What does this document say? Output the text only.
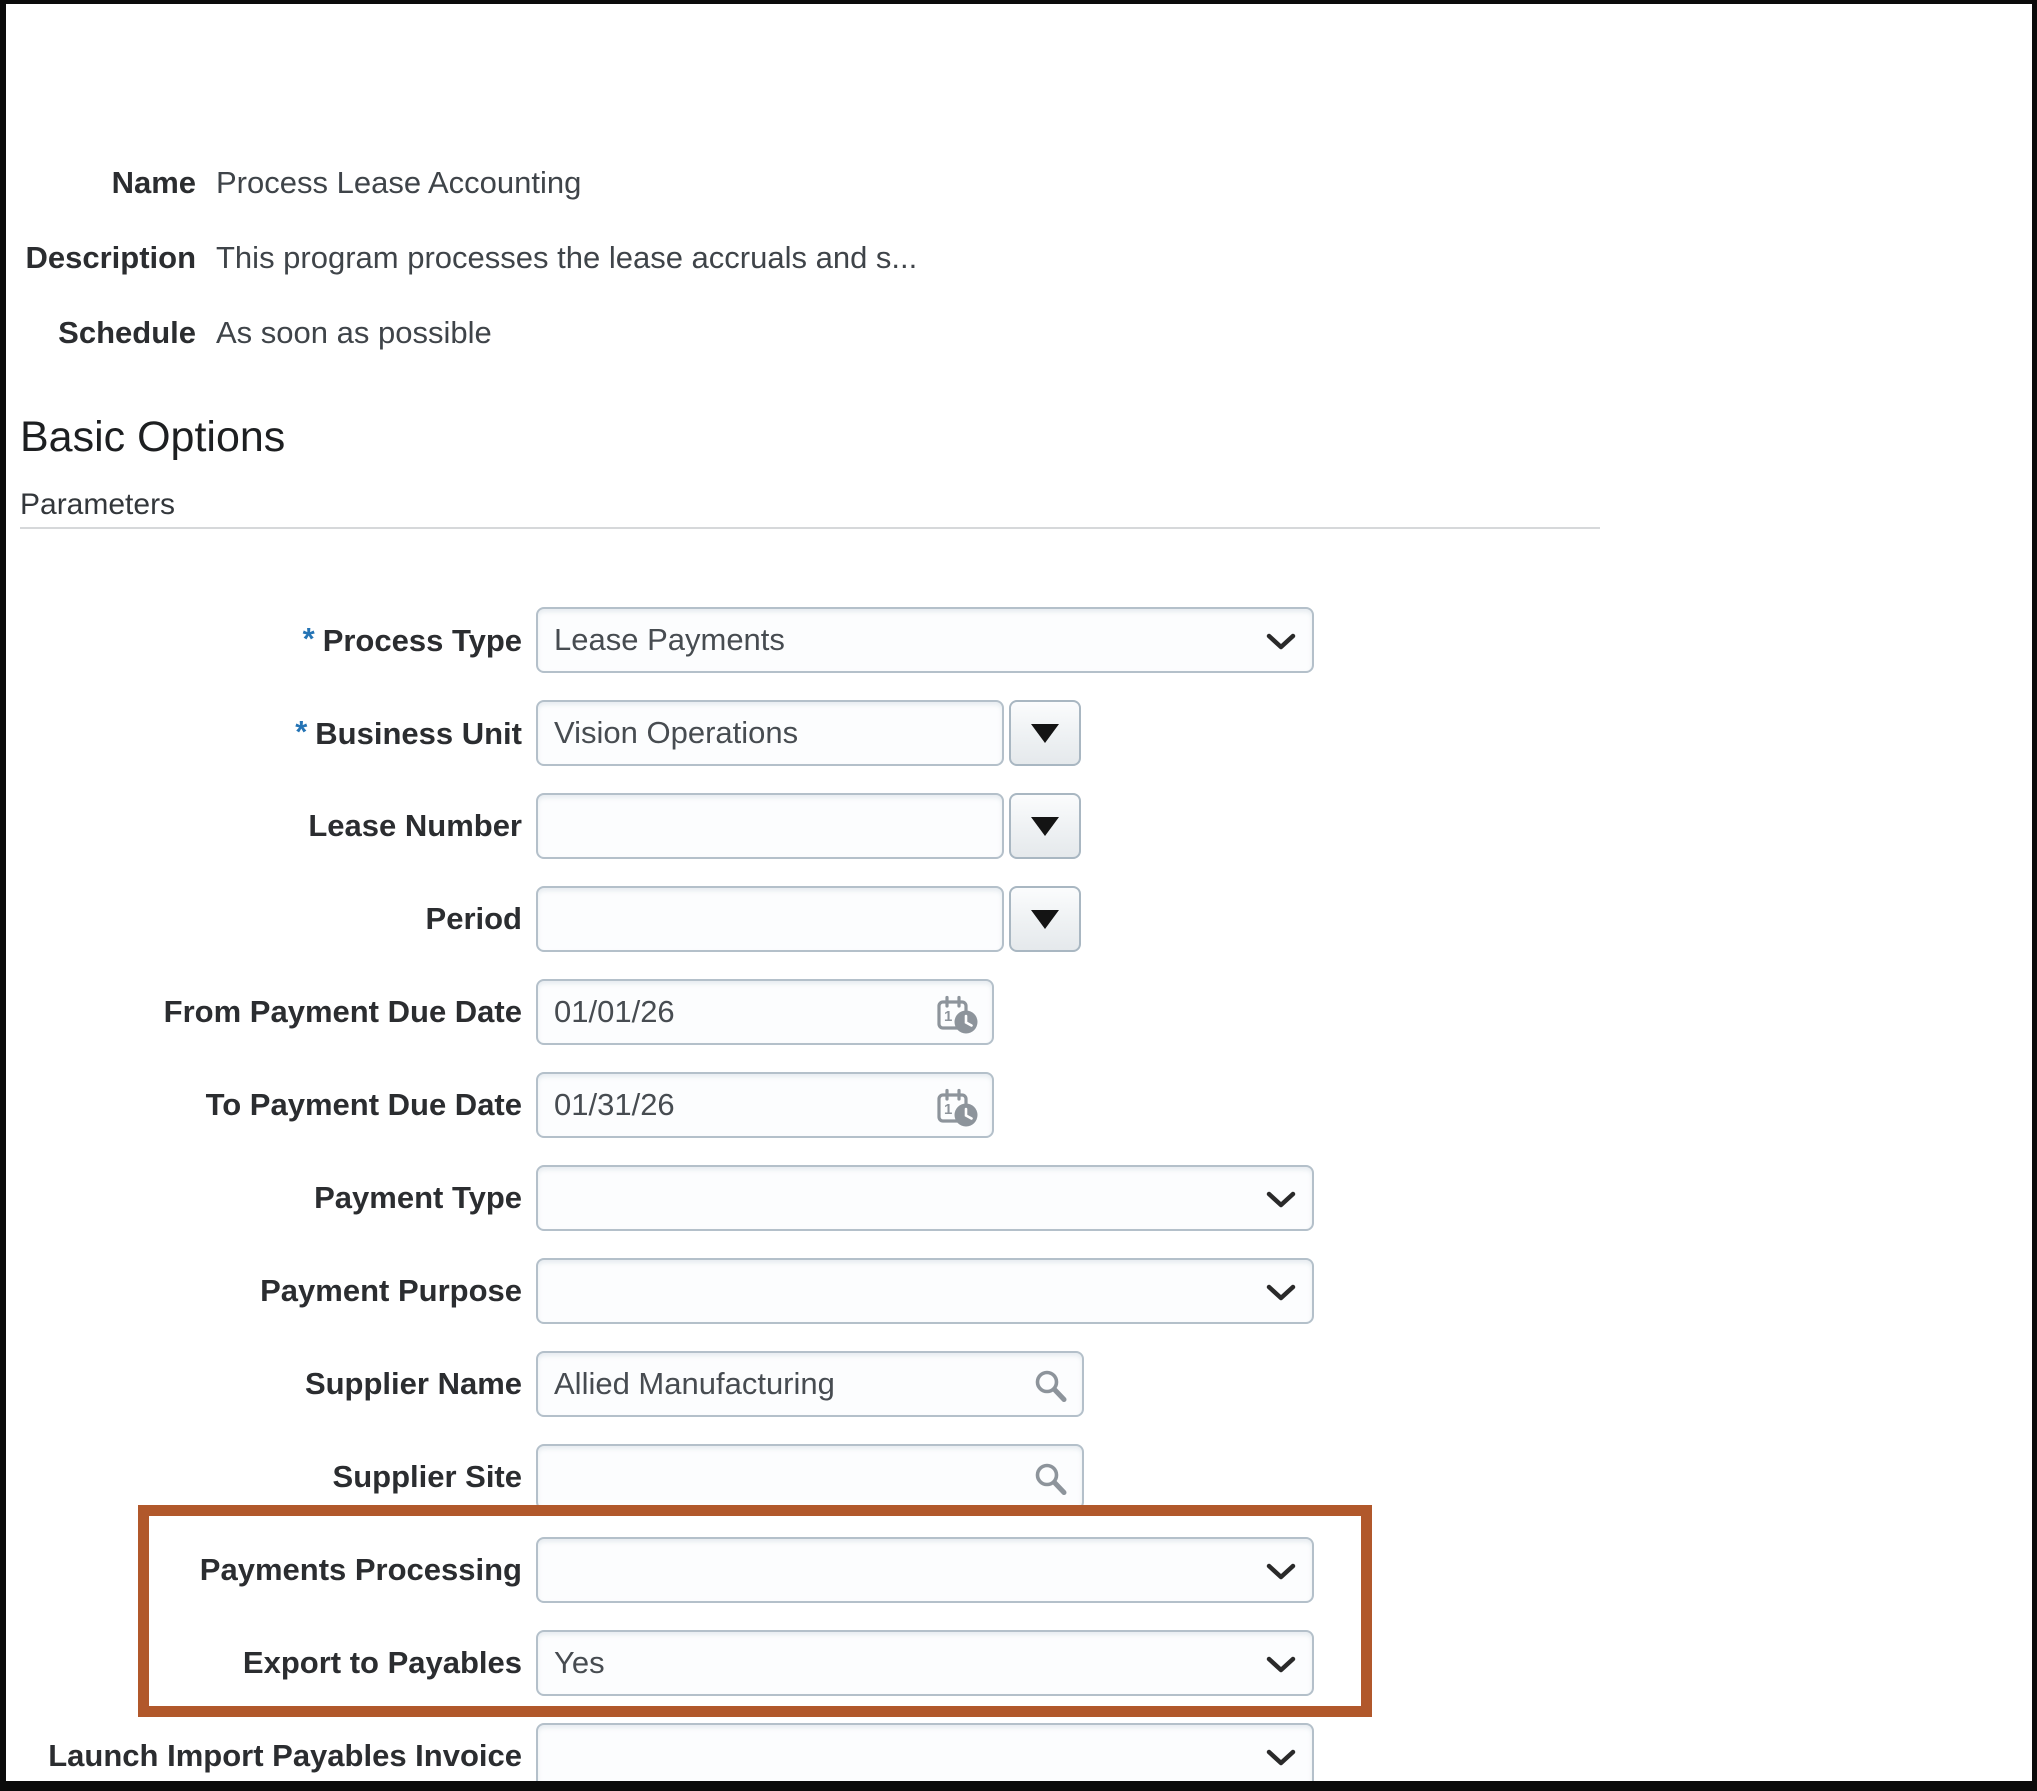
Name Process Lease Accounting
Description This program processes the lease accruals and s...
Schedule As soon as possible
Basic Options
Parameters
* Process Type Lease Payments
* Business Unit Vision Operations
Lease Number
Period
From Payment Due Date 01/01/26	1
To Payment Due Date 01/31/26	1
Payment Type
Payment Purpose
Supplier Name Allied Manufacturing
Supplier Site
Payments Processing
Export to Payables Yes
Launch Import Payables Invoice
